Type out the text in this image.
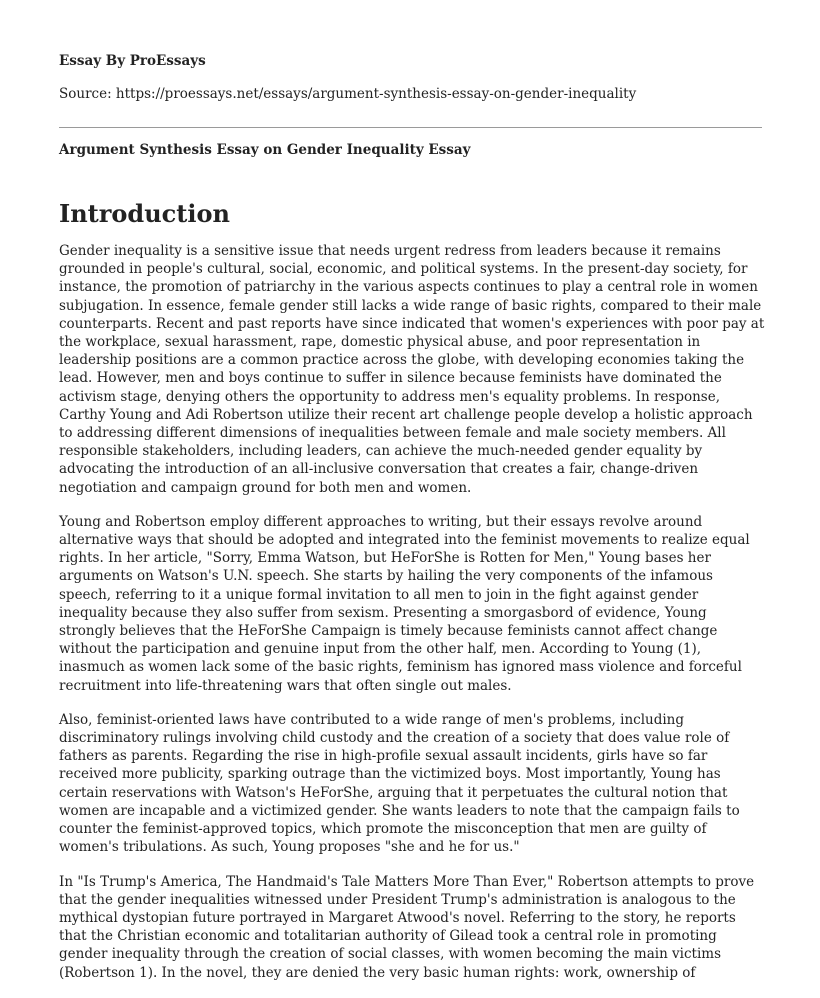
Essay By ProEssays
Source: https://proessays.net/essays/argument-synthesis-essay-on-gender-inequality
Argument Synthesis Essay on Gender Inequality Essay
Introduction

Gender inequality is a sensitive issue that needs urgent redress from leaders because it remains grounded in people's cultural, social, economic, and political systems. In the present-day society, for instance, the promotion of patriarchy in the various aspects continues to play a central role in women subjugation. In essence, female gender still lacks a wide range of basic rights, compared to their male counterparts. Recent and past reports have since indicated that women's experiences with poor pay at the workplace, sexual harassment, rape, domestic physical abuse, and poor representation in leadership positions are a common practice across the globe, with developing economies taking the lead. However, men and boys continue to suffer in silence because feminists have dominated the activism stage, denying others the opportunity to address men's equality problems. In response, Carthy Young and Adi Robertson utilize their recent art challenge people develop a holistic approach to addressing different dimensions of inequalities between female and male society members. All responsible stakeholders, including leaders, can achieve the much-needed gender equality by advocating the introduction of an all-inclusive conversation that creates a fair, change-driven negotiation and campaign ground for both men and women.

Young and Robertson employ different approaches to writing, but their essays revolve around alternative ways that should be adopted and integrated into the feminist movements to realize equal rights. In her article, "Sorry, Emma Watson, but HeForShe is Rotten for Men," Young bases her arguments on Watson's U.N. speech. She starts by hailing the very components of the infamous speech, referring to it a unique formal invitation to all men to join in the fight against gender inequality because they also suffer from sexism. Presenting a smorgasbord of evidence, Young strongly believes that the HeForShe Campaign is timely because feminists cannot affect change without the participation and genuine input from the other half, men. According to Young (1), inasmuch as women lack some of the basic rights, feminism has ignored mass violence and forceful recruitment into life-threatening wars that often single out males.

Also, feminist-oriented laws have contributed to a wide range of men's problems, including discriminatory rulings involving child custody and the creation of a society that does value role of fathers as parents. Regarding the rise in high-profile sexual assault incidents, girls have so far received more publicity, sparking outrage than the victimized boys. Most importantly, Young has certain reservations with Watson's HeForShe, arguing that it perpetuates the cultural notion that women are incapable and a victimized gender. She wants leaders to note that the campaign fails to counter the feminist-approved topics, which promote the misconception that men are guilty of women's tribulations. As such, Young proposes "she and he for us."

In "Is Trump's America, The Handmaid's Tale Matters More Than Ever," Robertson attempts to prove that the gender inequalities witnessed under President Trump's administration is analogous to the mythical dystopian future portrayed in Margaret Atwood's novel. Referring to the story, he reports that the Christian economic and totalitarian authority of Gilead took a central role in promoting gender inequality through the creation of social classes, with women becoming the main victims (Robertson 1). In the novel, they are denied the very basic human rights: work, ownership of
